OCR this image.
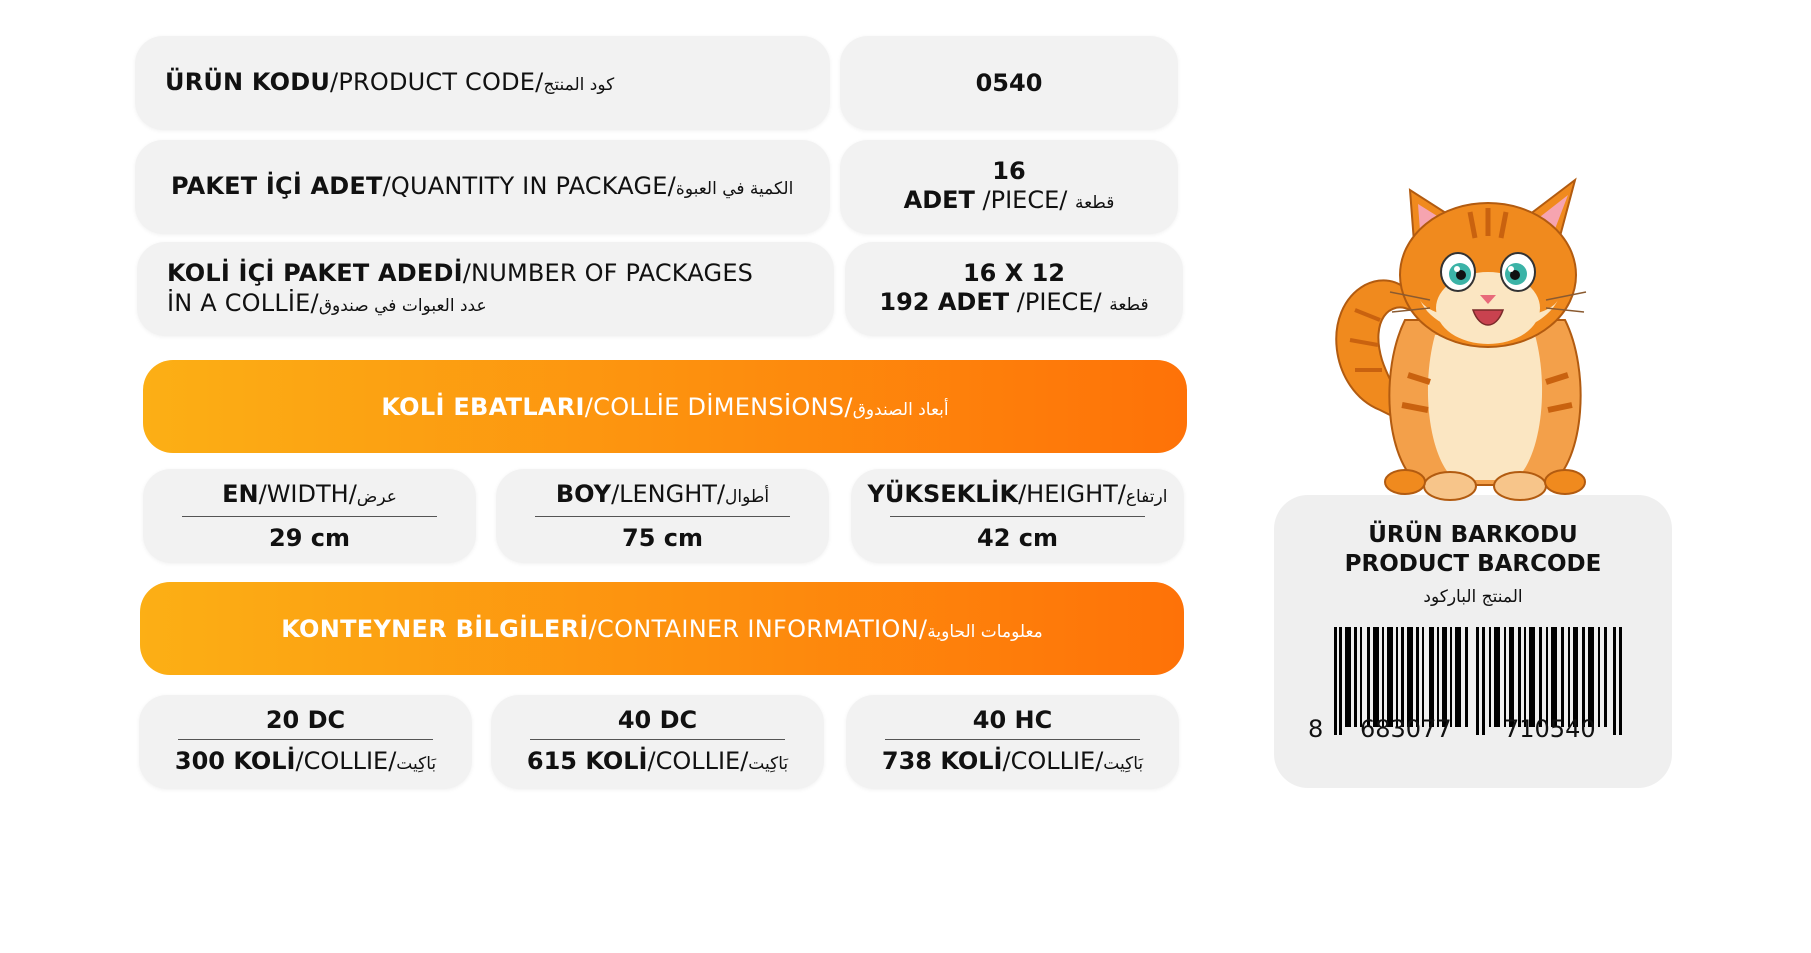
ÜRÜN KODU/PRODUCT CODE/كود المنتج	0540
PAKET İÇİ ADET/QUANTITY IN PACKAGE/الكمية في العبوة
16
ADET /PIECE/ قطعة
KOLİ İÇİ PAKET ADEDİ/NUMBER OF PACKAGES
İN A COLLİE/عدد العبوات في صندوق
16 X 12
192 ADET /PIECE/ قطعة
KOLİ EBATLARI/COLLİE DİMENSİONS/أبعاد الصندوق
EN/WIDTH/عرض
29 cm
BOY/LENGHT/أطوال
75 cm
YÜKSEKLİK/HEIGHT/ارتفاع
42 cm
KONTEYNER BİLGİLERİ/CONTAINER INFORMATION/معلومات الحاوية
20 DC
300 KOLİ/COLLIE/بَاكِيت
40 DC
615 KOLİ/COLLIE/بَاكِيت
40 HC
738 KOLİ/COLLIE/بَاكِيت
ÜRÜN BARKODU
PRODUCT BARCODE
المنتج الباركود
8 683077 710540
